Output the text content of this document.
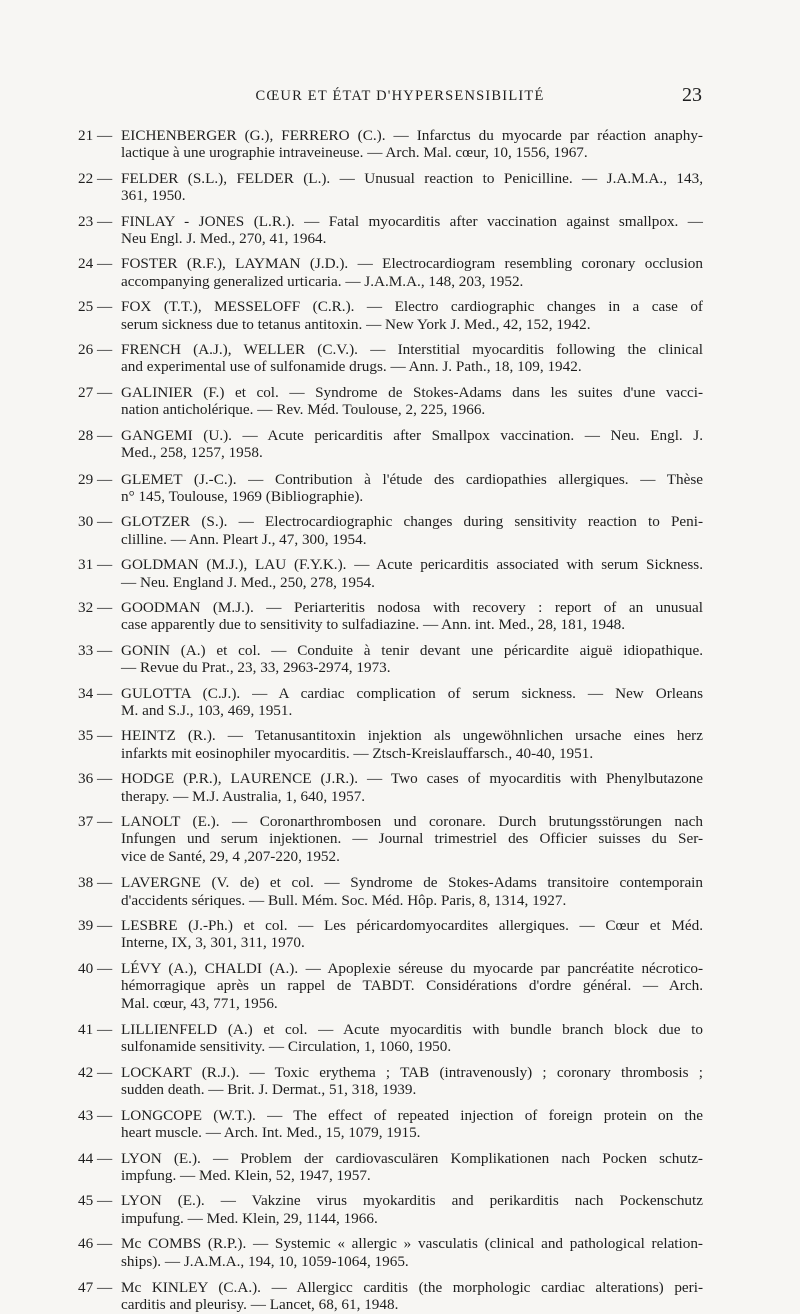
CŒUR ET ÉTAT D'HYPERSENSIBILITÉ	23
21 — EICHENBERGER (G.), FERRERO (C.). — Infarctus du myocarde par réaction anaphy-
lactique à une urographie intraveineuse. — Arch. Mal. cœur, 10, 1556, 1967.
22 — FELDER (S.L.), FELDER (L.). — Unusual reaction to Penicilline. — J.A.M.A., 143,
361, 1950.
23 — FINLAY - JONES (L.R.). — Fatal myocarditis after vaccination against smallpox. —
Neu Engl. J. Med., 270, 41, 1964.
24 — FOSTER (R.F.), LAYMAN (J.D.). — Electrocardiogram resembling coronary occlusion
accompanying generalized urticaria. — J.A.M.A., 148, 203, 1952.
25 — FOX (T.T.), MESSELOFF (C.R.). — Electro cardiographic changes in a case of
serum sickness due to tetanus antitoxin. — New York J. Med., 42, 152, 1942.
26 — FRENCH (A.J.), WELLER (C.V.). — Interstitial myocarditis following the clinical
and experimental use of sulfonamide drugs. — Ann. J. Path., 18, 109, 1942.
27 — GALINIER (F.) et col. — Syndrome de Stokes-Adams dans les suites d'une vacci-
nation anticholérique. — Rev. Méd. Toulouse, 2, 225, 1966.
28 — GANGEMI (U.). — Acute pericarditis after Smallpox vaccination. — Neu. Engl. J.
Med., 258, 1257, 1958.
29 — GLEMET (J.-C.). — Contribution à l'étude des cardiopathies allergiques. — Thèse
n° 145, Toulouse, 1969 (Bibliographie).
30 — GLOTZER (S.). — Electrocardiographic changes during sensitivity reaction to Peni-
clilline. — Ann. Pleart J., 47, 300, 1954.
31 — GOLDMAN (M.J.), LAU (F.Y.K.). — Acute pericarditis associated with serum Sickness.
— Neu. England J. Med., 250, 278, 1954.
32 — GOODMAN (M.J.). — Periarteritis nodosa with recovery : report of an unusual
case apparently due to sensitivity to sulfadiazine. — Ann. int. Med., 28, 181, 1948.
33 — GONIN (A.) et col. — Conduite à tenir devant une péricardite aiguë idiopathique.
— Revue du Prat., 23, 33, 2963-2974, 1973.
34 — GULOTTA (C.J.). — A cardiac complication of serum sickness. — New Orleans
M. and S.J., 103, 469, 1951.
35 — HEINTZ (R.). — Tetanusantitoxin injektion als ungewöhnlichen ursache eines herz
infarkts mit eosinophiler myocarditis. — Ztsch-Kreislauffarsch., 40-40, 1951.
36 — HODGE (P.R.), LAURENCE (J.R.). — Two cases of myocarditis with Phenylbutazone
therapy. — M.J. Australia, 1, 640, 1957.
37 — LANOLT (E.). — Coronarthrombosen und coronare. Durch brutungsstörungen nach
Infungen und serum injektionen. — Journal trimestriel des Officier suisses du Ser-
vice de Santé, 29, 4 ,207-220, 1952.
38 — LAVERGNE (V. de) et col. — Syndrome de Stokes-Adams transitoire contemporain
d'accidents sériques. — Bull. Mém. Soc. Méd. Hôp. Paris, 8, 1314, 1927.
39 — LESBRE (J.-Ph.) et col. — Les péricardomyocardites allergiques. — Cœur et Méd.
Interne, IX, 3, 301, 311, 1970.
40 — LÉVY (A.), CHALDI (A.). — Apoplexie séreuse du myocarde par pancréatite nécrotico-
hémorragique après un rappel de TABDT. Considérations d'ordre général. — Arch.
Mal. cœur, 43, 771, 1956.
41 — LILLIENFELD (A.) et col. — Acute myocarditis with bundle branch block due to
sulfonamide sensitivity. — Circulation, 1, 1060, 1950.
42 — LOCKART (R.J.). — Toxic erythema ; TAB (intravenously) ; coronary thrombosis ;
sudden death. — Brit. J. Dermat., 51, 318, 1939.
43 — LONGCOPE (W.T.). — The effect of repeated injection of foreign protein on the
heart muscle. — Arch. Int. Med., 15, 1079, 1915.
44 — LYON (E.). — Problem der cardiovasculären Komplikationen nach Pocken schutz-
impfung. — Med. Klein, 52, 1947, 1957.
45 — LYON (E.). — Vakzine virus myokarditis and perikarditis nach Pockenschutz
impufung. — Med. Klein, 29, 1144, 1966.
46 — Mc COMBS (R.P.). — Systemic « allergic » vasculatis (clinical and pathological relation-
ships). — J.A.M.A., 194, 10, 1059-1064, 1965.
47 — Mc KINLEY (C.A.). — Allergicc carditis (the morphologic cardiac alterations) peri-
carditis and pleurisy. — Lancet, 68, 61, 1948.
